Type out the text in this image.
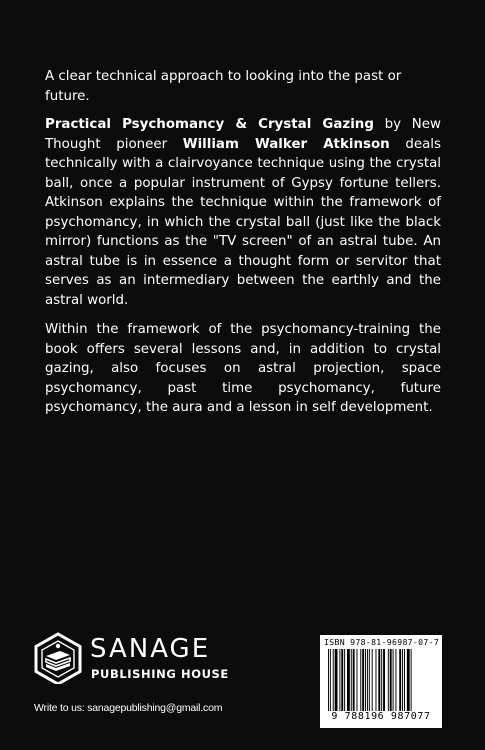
A clear technical approach to looking into the past or future.

Practical Psychomancy & Crystal Gazing by New Thought pioneer William Walker Atkinson deals technically with a clairvoyance technique using the crystal ball, once a popular instrument of Gypsy fortune tellers. Atkinson explains the technique within the framework of psychomancy, in which the crystal ball (just like the black mirror) functions as the "TV screen" of an astral tube. An astral tube is in essence a thought form or servitor that serves as an intermediary between the earthly and the astral world.

Within the framework of the psychomancy-training the book offers several lessons and, in addition to crystal gazing, also focuses on astral projection, space psychomancy, past time psychomancy, future psychomancy, the aura and a lesson in self development.

SANAGE
PUBLISHING HOUSE
Write to us: sanagepublishing@gmail.com
ISBN 978-81-96987-07-7
9 788196 987077
